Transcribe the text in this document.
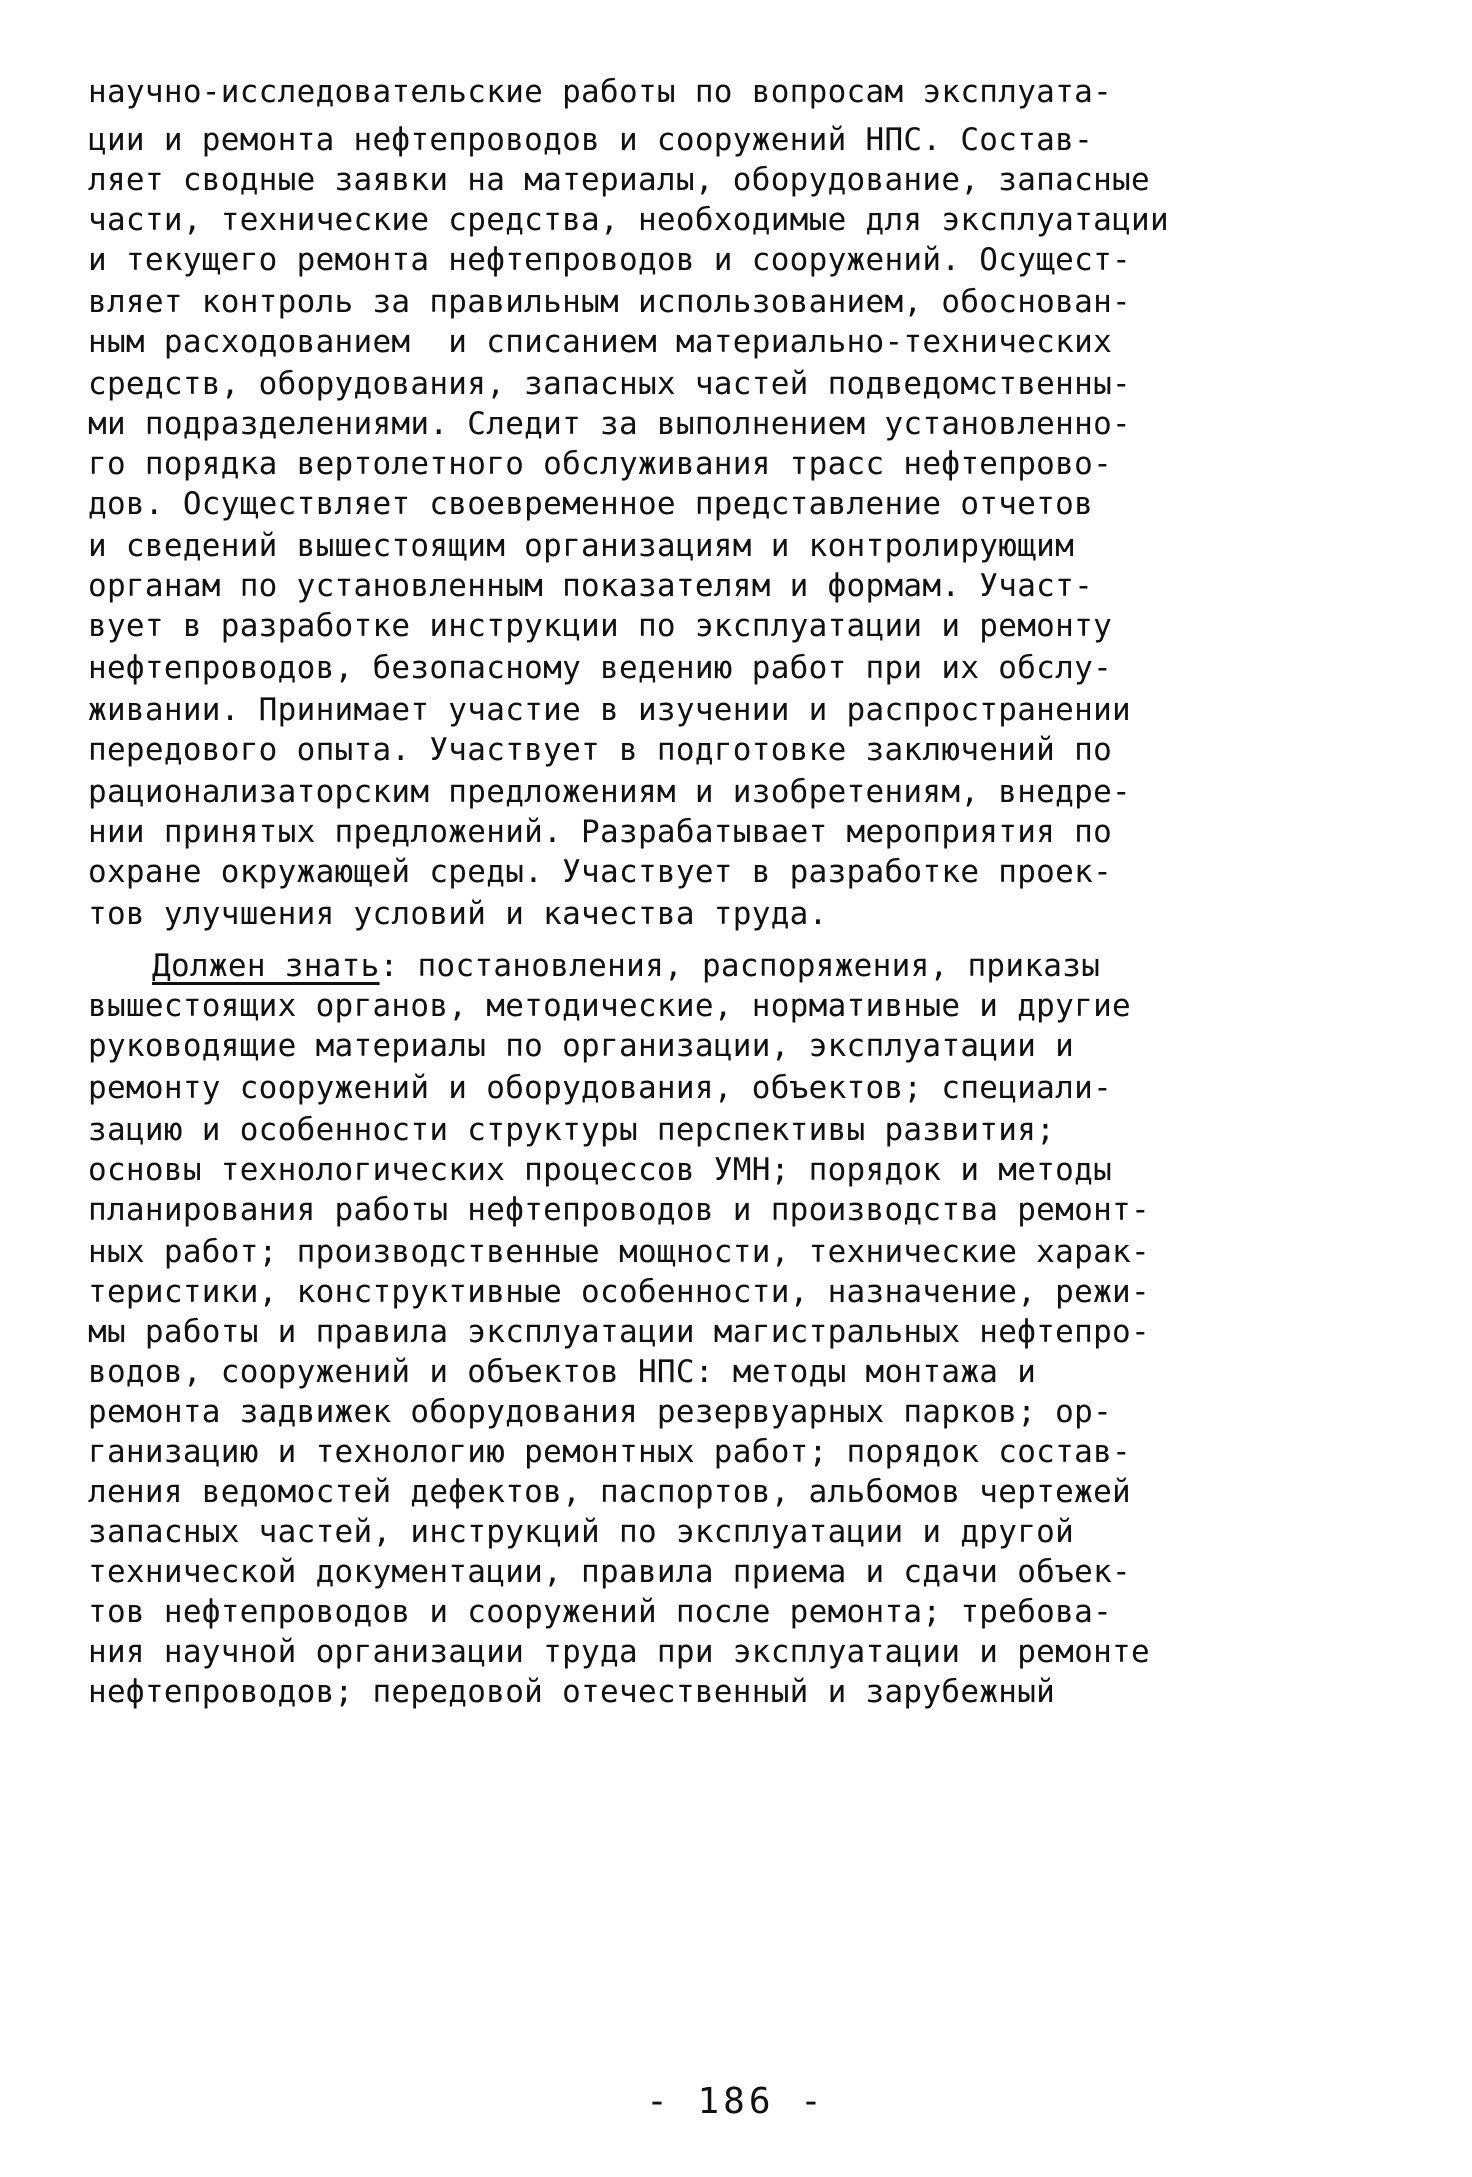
научно-исследовательские работы по вопросам эксплуата-
ции и ремонта нефтепроводов и сооружений НПС. Состав-
ляет сводные заявки на материалы, оборудование, запасные
части, технические средства, необходимые для эксплуатации
и текущего ремонта нефтепроводов и сооружений. Осущест-
вляет контроль за правильным использованием, обоснован-
ным расходованием  и списанием материально-технических
средств, оборудования, запасных частей подведомственны-
ми подразделениями. Следит за выполнением установленно-
го порядка вертолетного обслуживания трасс нефтепрово-
дов. Осуществляет своевременное представление отчетов
и сведений вышестоящим организациям и контролирующим
органам по установленным показателям и формам. Участ-
вует в разработке инструкции по эксплуатации и ремонту
нефтепроводов, безопасному ведению работ при их обслу-
живании. Принимает участие в изучении и распространении
передового опыта. Участвует в подготовке заключений по
рационализаторским предложениям и изобретениям, внедре-
нии принятых предложений. Разрабатывает мероприятия по
охране окружающей среды. Участвует в разработке проек-
тов улучшения условий и качества труда.
Должен знать: постановления, распоряжения, приказы
вышестоящих органов, методические, нормативные и другие
руководящие материалы по организации, эксплуатации и
ремонту сооружений и оборудования, объектов; специали-
зацию и особенности структуры перспективы развития;
основы технологических процессов УМН; порядок и методы
планирования работы нефтепроводов и производства ремонт-
ных работ; производственные мощности, технические харак-
теристики, конструктивные особенности, назначение, режи-
мы работы и правила эксплуатации магистральных нефтепро-
водов, сооружений и объектов НПС: методы монтажа и
ремонта задвижек оборудования резервуарных парков; ор-
ганизацию и технологию ремонтных работ; порядок состав-
ления ведомостей дефектов, паспортов, альбомов чертежей
запасных частей, инструкций по эксплуатации и другой
технической документации, правила приема и сдачи объек-
тов нефтепроводов и сооружений после ремонта; требова-
ния научной организации труда при эксплуатации и ремонте
нефтепроводов; передовой отечественный и зарубежный
- 186 -
